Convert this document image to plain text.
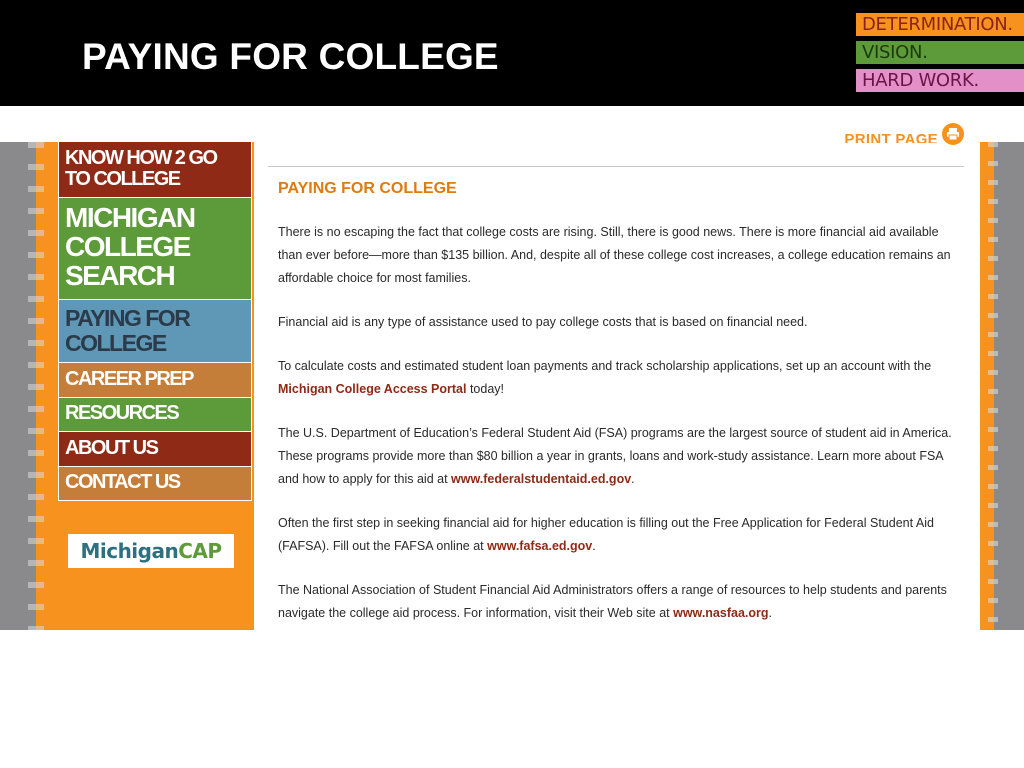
PAYING FOR COLLEGE
DETERMINATION.
VISION.
HARD WORK.
KNOW HOW 2 GO TO COLLEGE
MICHIGAN COLLEGE SEARCH
PAYING FOR COLLEGE
CAREER PREP
RESOURCES
ABOUT US
CONTACT US
Michigan CAP
PRINT PAGE
PAYING FOR COLLEGE

There is no escaping the fact that college costs are rising. Still, there is good news. There is more financial aid available than ever before—more than $135 billion. And, despite all of these college cost increases, a college education remains an affordable choice for most families.

Financial aid is any type of assistance used to pay college costs that is based on financial need.

To calculate costs and estimated student loan payments and track scholarship applications, set up an account with the Michigan College Access Portal today!

The U.S. Department of Education’s Federal Student Aid (FSA) programs are the largest source of student aid in America. These programs provide more than $80 billion a year in grants, loans and work-study assistance. Learn more about FSA and how to apply for this aid at www.federalstudentaid.ed.gov.

Often the first step in seeking financial aid for higher education is filling out the Free Application for Federal Student Aid (FAFSA). Fill out the FAFSA online at www.fafsa.ed.gov.

The National Association of Student Financial Aid Administrators offers a range of resources to help students and parents navigate the college aid process. For information, visit their Web site at www.nasfaa.org.
